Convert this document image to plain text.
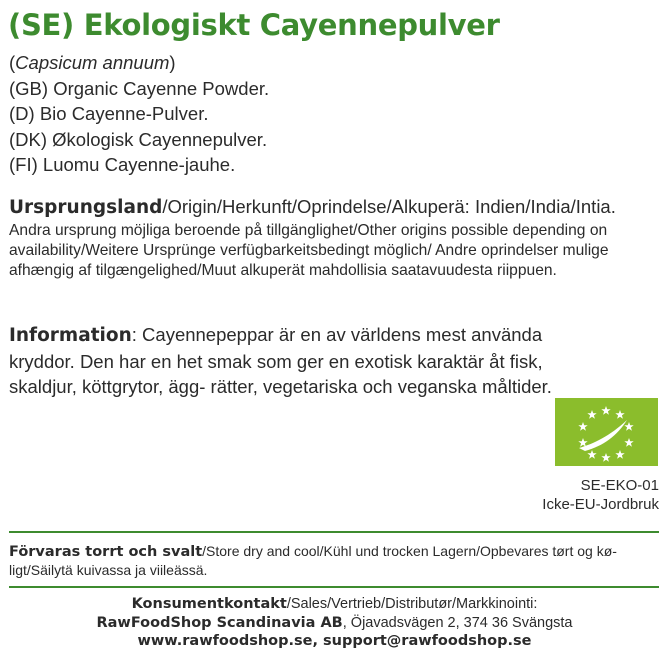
(SE) Ekologiskt Cayennepulver
(Capsicum annuum)
(GB) Organic Cayenne Powder.
(D) Bio Cayenne-Pulver.
(DK) Økologisk Cayennepulver.
(FI) Luomu Cayenne-jauhe.
Ursprungsland/Origin/Herkunft/Oprindelse/Alkuperä: Indien/India/Intia.
Andra ursprung möjliga beroende på tillgänglighet/Other origins possible depending on availability/Weitere Ursprünge verfügbarkeitsbedingt möglich/ Andre oprindelser mulige afhængig af tilgængelighed/Muut alkuperät mahdollisia saatavuudesta riippuen.
Information: Cayennepeppar är en av världens mest använda kryddor. Den har en het smak som ger en exotisk karaktär åt fisk, skaldjur, köttgrytor, ägg- rätter, vegetariska och veganska måltider.
SE-EKO-01
Icke-EU-Jordbruk
Förvaras torrt och svalt/Store dry and cool/Kühl und trocken Lagern/Opbevares tørt og kø- ligt/Säilytä kuivassa ja viileässä.
Konsumentkontakt/Sales/Vertrieb/Distributør/Markkinointi:
RawFoodShop Scandinavia AB, Öjavadsvägen 2, 374 36 Svängsta
www.rawfoodshop.se, support@rawfoodshop.se
